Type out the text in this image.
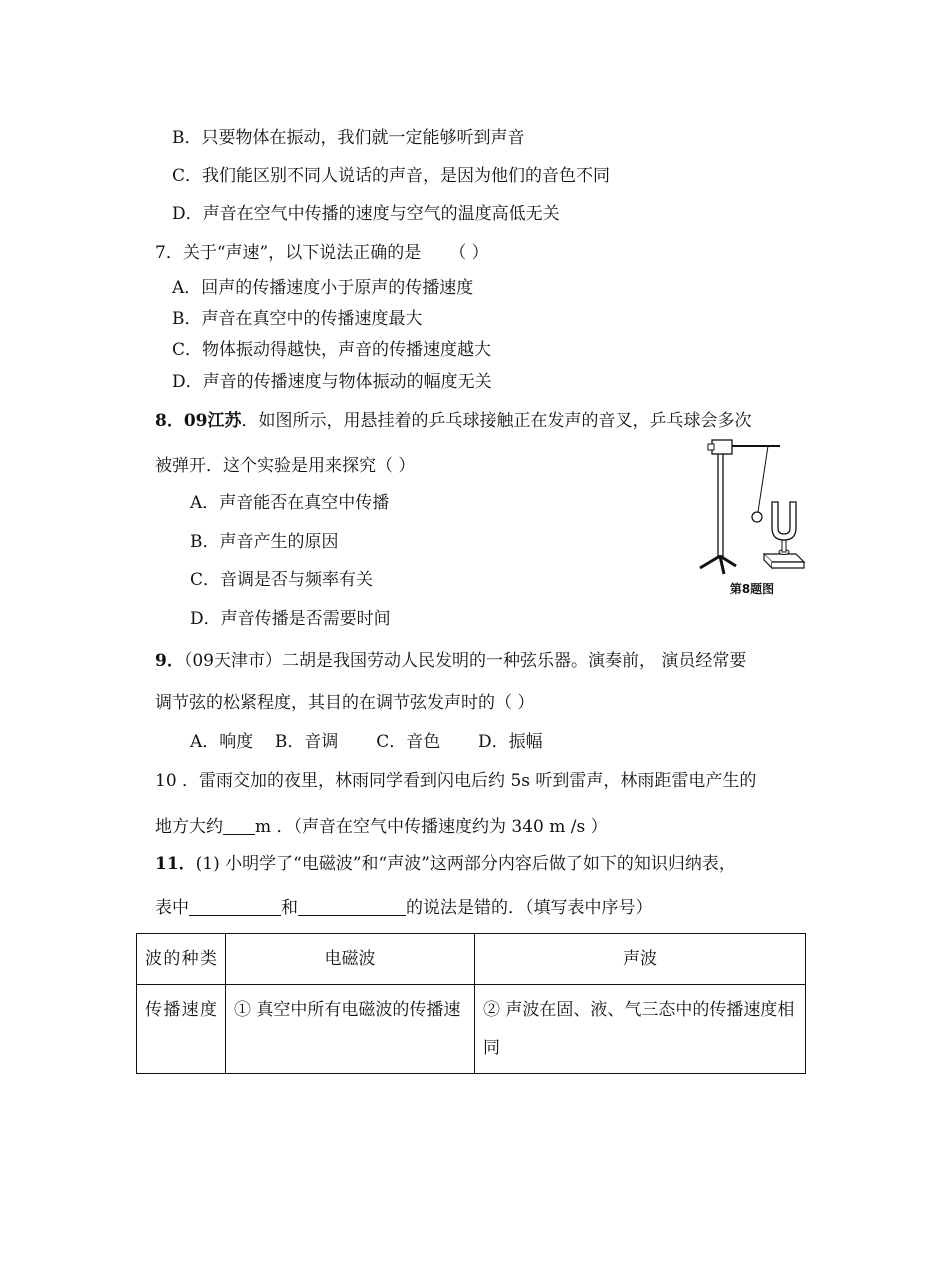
B．只要物体在振动，我们就一定能够听到声音
C．我们能区别不同人说话的声音，是因为他们的音色不同
D．声音在空气中传播的速度与空气的温度高低无关
7．关于“声速”，以下说法正确的是 （ ）
A．回声的传播速度小于原声的传播速度
B．声音在真空中的传播速度最大
C．物体振动得越快，声音的传播速度越大
D．声音的传播速度与物体振动的幅度无关
8．09江苏．如图所示，用悬挂着的乒乓球接触正在发声的音叉，乒乓球会多次
被弹开．这个实验是用来探究（ ）
A．声音能否在真空中传播
B．声音产生的原因
C．音调是否与频率有关
D．声音传播是否需要时间
第8题图
9．（09天津市）二胡是我国劳动人民发明的一种弦乐器。演奏前， 演员经常要
调节弦的松紧程度，其目的在调节弦发声时的（ ）
A．响度    B．音调       C．音色       D．振幅
10 ．雷雨交加的夜里，林雨同学看到闪电后约 5s 听到雷声，林雨距雷电产生的
地方大约 m ．（声音在空气中传播速度约为 340 m /s ）
11．(1) 小明学了“电磁波”和“声波”这两部分内容后做了如下的知识归纳表，
表中	和	的说法是错的．（填写表中序号）
波的种类	电磁波	声波
传播速度	① 真空中所有电磁波的传播速	② 声波在固、液、气三态中的传播速度相同
